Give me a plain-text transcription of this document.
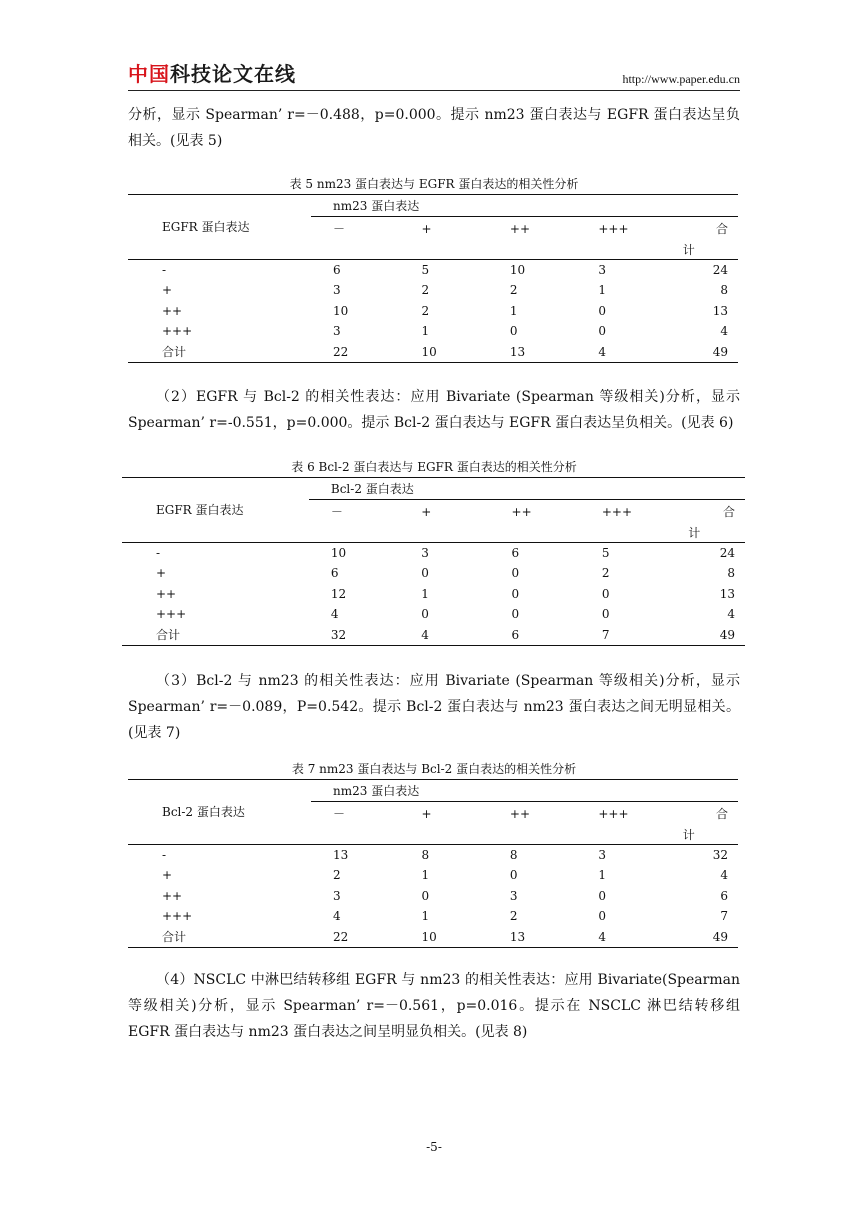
中国科技论文在线	http://www.paper.edu.cn

分析，显示 Spearman’ r=－0.488，p=0.000。提示 nm23 蛋白表达与 EGFR 蛋白表达呈负相关。(见表 5)

表 5 nm23 蛋白表达与 EGFR 蛋白表达的相关性分析
EGFR 蛋白表达	nm23 蛋白表达				
	－	+	++	+++	合
					计
-	6	5	10	3	24
+	3	2	2	1	8
++	10	2	1	0	13
+++	3	1	0	0	4
合计	22	10	13	4	49

（2）EGFR 与 Bcl-2 的相关性表达：应用 Bivariate (Spearman 等级相关)分析，显示 Spearman’ r=-0.551，p=0.000。提示 Bcl-2 蛋白表达与 EGFR 蛋白表达呈负相关。(见表 6)

表 6 Bcl-2 蛋白表达与 EGFR 蛋白表达的相关性分析
EGFR 蛋白表达	Bcl-2 蛋白表达				
	－	+	++	+++	合
					计
-	10	3	6	5	24
+	6	0	0	2	8
++	12	1	0	0	13
+++	4	0	0	0	4
合计	32	4	6	7	49

（3）Bcl-2 与 nm23 的相关性表达：应用 Bivariate (Spearman 等级相关)分析，显示 Spearman’ r=－0.089，P=0.542。提示 Bcl-2 蛋白表达与 nm23 蛋白表达之间无明显相关。(见表 7)

表 7 nm23 蛋白表达与 Bcl-2 蛋白表达的相关性分析
Bcl-2 蛋白表达	nm23 蛋白表达				
	－	+	++	+++	合
					计
-	13	8	8	3	32
+	2	1	0	1	4
++	3	0	3	0	6
+++	4	1	2	0	7
合计	22	10	13	4	49

（4）NSCLC 中淋巴结转移组 EGFR 与 nm23 的相关性表达：应用 Bivariate(Spearman 等级相关)分析，显示 Spearman’ r=－0.561，p=0.016。提示在 NSCLC 淋巴结转移组 EGFR 蛋白表达与 nm23 蛋白表达之间呈明显负相关。(见表 8)

-5-
